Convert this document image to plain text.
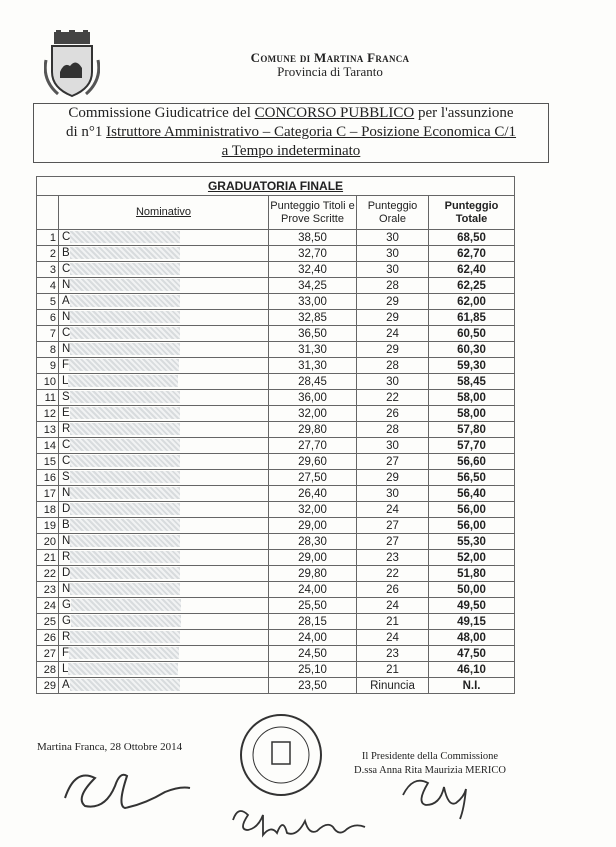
Comune di Martina Franca
Provincia di Taranto
Commissione Giudicatrice del CONCORSO PUBBLICO per l'assunzione
di n°1 Istruttore Amministrativo – Categoria C – Posizione Economica C/1
a Tempo indeterminato
GRADUATORIA FINALE				
	Nominativo	Punteggio Titoli e Prove Scritte	Punteggio Orale	Punteggio Totale
1	C	38,50	30	68,50
2	B	32,70	30	62,70
3	C	32,40	30	62,40
4	N	34,25	28	62,25
5	A	33,00	29	62,00
6	N	32,85	29	61,85
7	C	36,50	24	60,50
8	N	31,30	29	60,30
9	F	31,30	28	59,30
10	L	28,45	30	58,45
11	S	36,00	22	58,00
12	E	32,00	26	58,00
13	R	29,80	28	57,80
14	C	27,70	30	57,70
15	C	29,60	27	56,60
16	S	27,50	29	56,50
17	N	26,40	30	56,40
18	D	32,00	24	56,00
19	B	29,00	27	56,00
20	N	28,30	27	55,30
21	R	29,00	23	52,00
22	D	29,80	22	51,80
23	N	24,00	26	50,00
24	G	25,50	24	49,50
25	G	28,15	21	49,15
26	R	24,00	24	48,00
27	F	24,50	23	47,50
28	L	25,10	21	46,10
29	A	23,50	Rinuncia	N.I.
Martina Franca, 28 Ottobre 2014
Il Presidente della Commissione
D.ssa Anna Rita Maurizia MERICO
